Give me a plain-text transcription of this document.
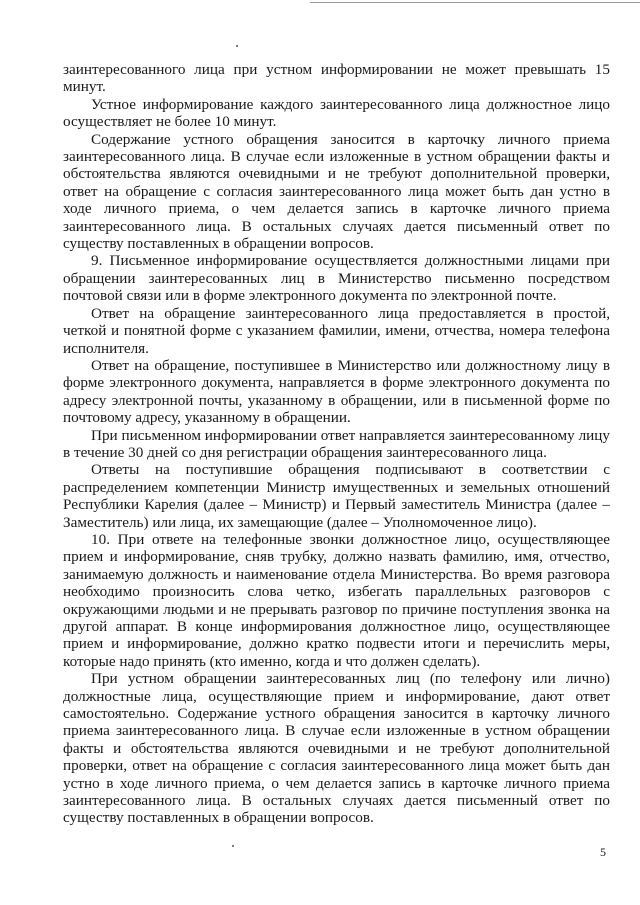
заинтересованного лица при устном информировании не может превышать 15 минут.

Устное информирование каждого заинтересованного лица должностное лицо осуществляет не более 10 минут.

Содержание устного обращения заносится в карточку личного приема заинтересованного лица. В случае если изложенные в устном обращении факты и обстоятельства являются очевидными и не требуют дополнительной проверки, ответ на обращение с согласия заинтересованного лица может быть дан устно в ходе личного приема, о чем делается запись в карточке личного приема заинтересованного лица. В остальных случаях дается письменный ответ по существу поставленных в обращении вопросов.

9. Письменное информирование осуществляется должностными лицами при обращении заинтересованных лиц в Министерство письменно посредством почтовой связи или в форме электронного документа по электронной почте.

Ответ на обращение заинтересованного лица предоставляется в простой, четкой и понятной форме с указанием фамилии, имени, отчества, номера телефона исполнителя.

Ответ на обращение, поступившее в Министерство или должностному лицу в форме электронного документа, направляется в форме электронного документа по адресу электронной почты, указанному в обращении, или в письменной форме по почтовому адресу, указанному в обращении.

При письменном информировании ответ направляется заинтересованному лицу в течение 30 дней со дня регистрации обращения заинтересованного лица.

Ответы на поступившие обращения подписывают в соответствии с распределением компетенции Министр имущественных и земельных отношений Республики Карелия (далее – Министр) и Первый заместитель Министра (далее – Заместитель) или лица, их замещающие (далее – Уполномоченное лицо).

10. При ответе на телефонные звонки должностное лицо, осуществляющее прием и информирование, сняв трубку, должно назвать фамилию, имя, отчество, занимаемую должность и наименование отдела Министерства. Во время разговора необходимо произносить слова четко, избегать параллельных разговоров с окружающими людьми и не прерывать разговор по причине поступления звонка на другой аппарат. В конце информирования должностное лицо, осуществляющее прием и информирование, должно кратко подвести итоги и перечислить меры, которые надо принять (кто именно, когда и что должен сделать).

При устном обращении заинтересованных лиц (по телефону или лично) должностные лица, осуществляющие прием и информирование, дают ответ самостоятельно. Содержание устного обращения заносится в карточку личного приема заинтересованного лица. В случае если изложенные в устном обращении факты и обстоятельства являются очевидными и не требуют дополнительной проверки, ответ на обращение с согласия заинтересованного лица может быть дан устно в ходе личного приема, о чем делается запись в карточке личного приема заинтересованного лица. В остальных случаях дается письменный ответ по существу поставленных в обращении вопросов.

5
